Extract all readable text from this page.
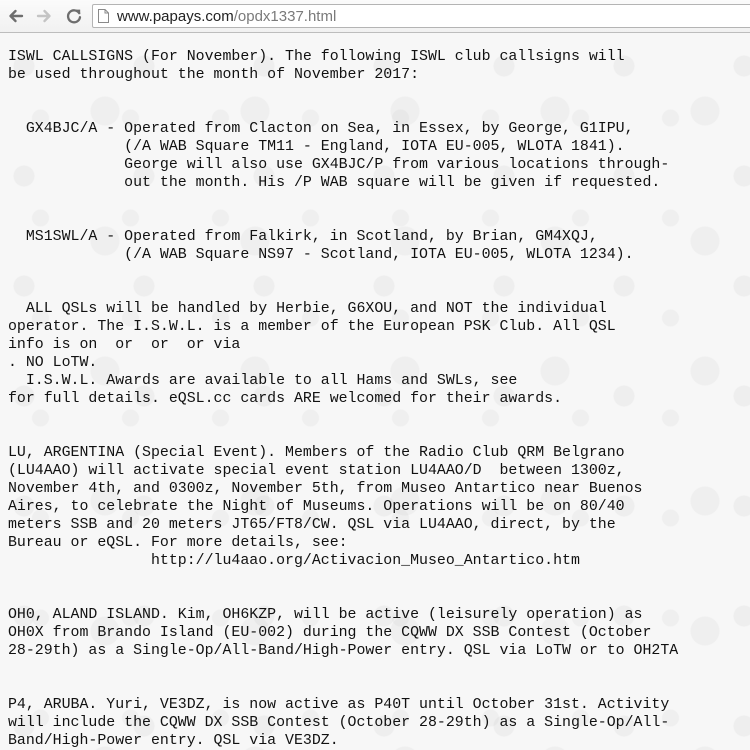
www.papays.com/opdx1337.html
ISWL CALLSIGNS (For November). The following ISWL club callsigns will
be used throughout the month of November 2017:
GX4BJC/A - Operated from Clacton on Sea, in Essex, by George, G1IPU,
(/A WAB Square TM11 - England, IOTA EU-005, WLOTA 1841).
George will also use GX4BJC/P from various locations through-
out the month. His /P WAB square will be given if requested.
MS1SWL/A - Operated from Falkirk, in Scotland, by Brian, GM4XQJ,
(/A WAB Square NS97 - Scotland, IOTA EU-005, WLOTA 1234).
ALL QSLs will be handled by Herbie, G6XOU, and NOT the individual
operator. The I.S.W.L. is a member of the European PSK Club. All QSL
info is on  or  or  or via
. NO LoTW.
I.S.W.L. Awards are available to all Hams and SWLs, see
for full details. eQSL.cc cards ARE welcomed for their awards.
LU, ARGENTINA (Special Event). Members of the Radio Club QRM Belgrano
(LU4AAO) will activate special event station LU4AAO/D  between 1300z,
November 4th, and 0300z, November 5th, from Museo Antartico near Buenos
Aires, to celebrate the Night of Museums. Operations will be on 80/40
meters SSB and 20 meters JT65/FT8/CW. QSL via LU4AAO, direct, by the
Bureau or eQSL. For more details, see:
http://lu4aao.org/Activacion_Museo_Antartico.htm
OH0, ALAND ISLAND. Kim, OH6KZP, will be active (leisurely operation) as
OH0X from Brando Island (EU-002) during the CQWW DX SSB Contest (October
28-29th) as a Single-Op/All-Band/High-Power entry. QSL via LoTW or to OH2TA
P4, ARUBA. Yuri, VE3DZ, is now active as P40T until October 31st. Activity
will include the CQWW DX SSB Contest (October 28-29th) as a Single-Op/All-
Band/High-Power entry. QSL via VE3DZ.
